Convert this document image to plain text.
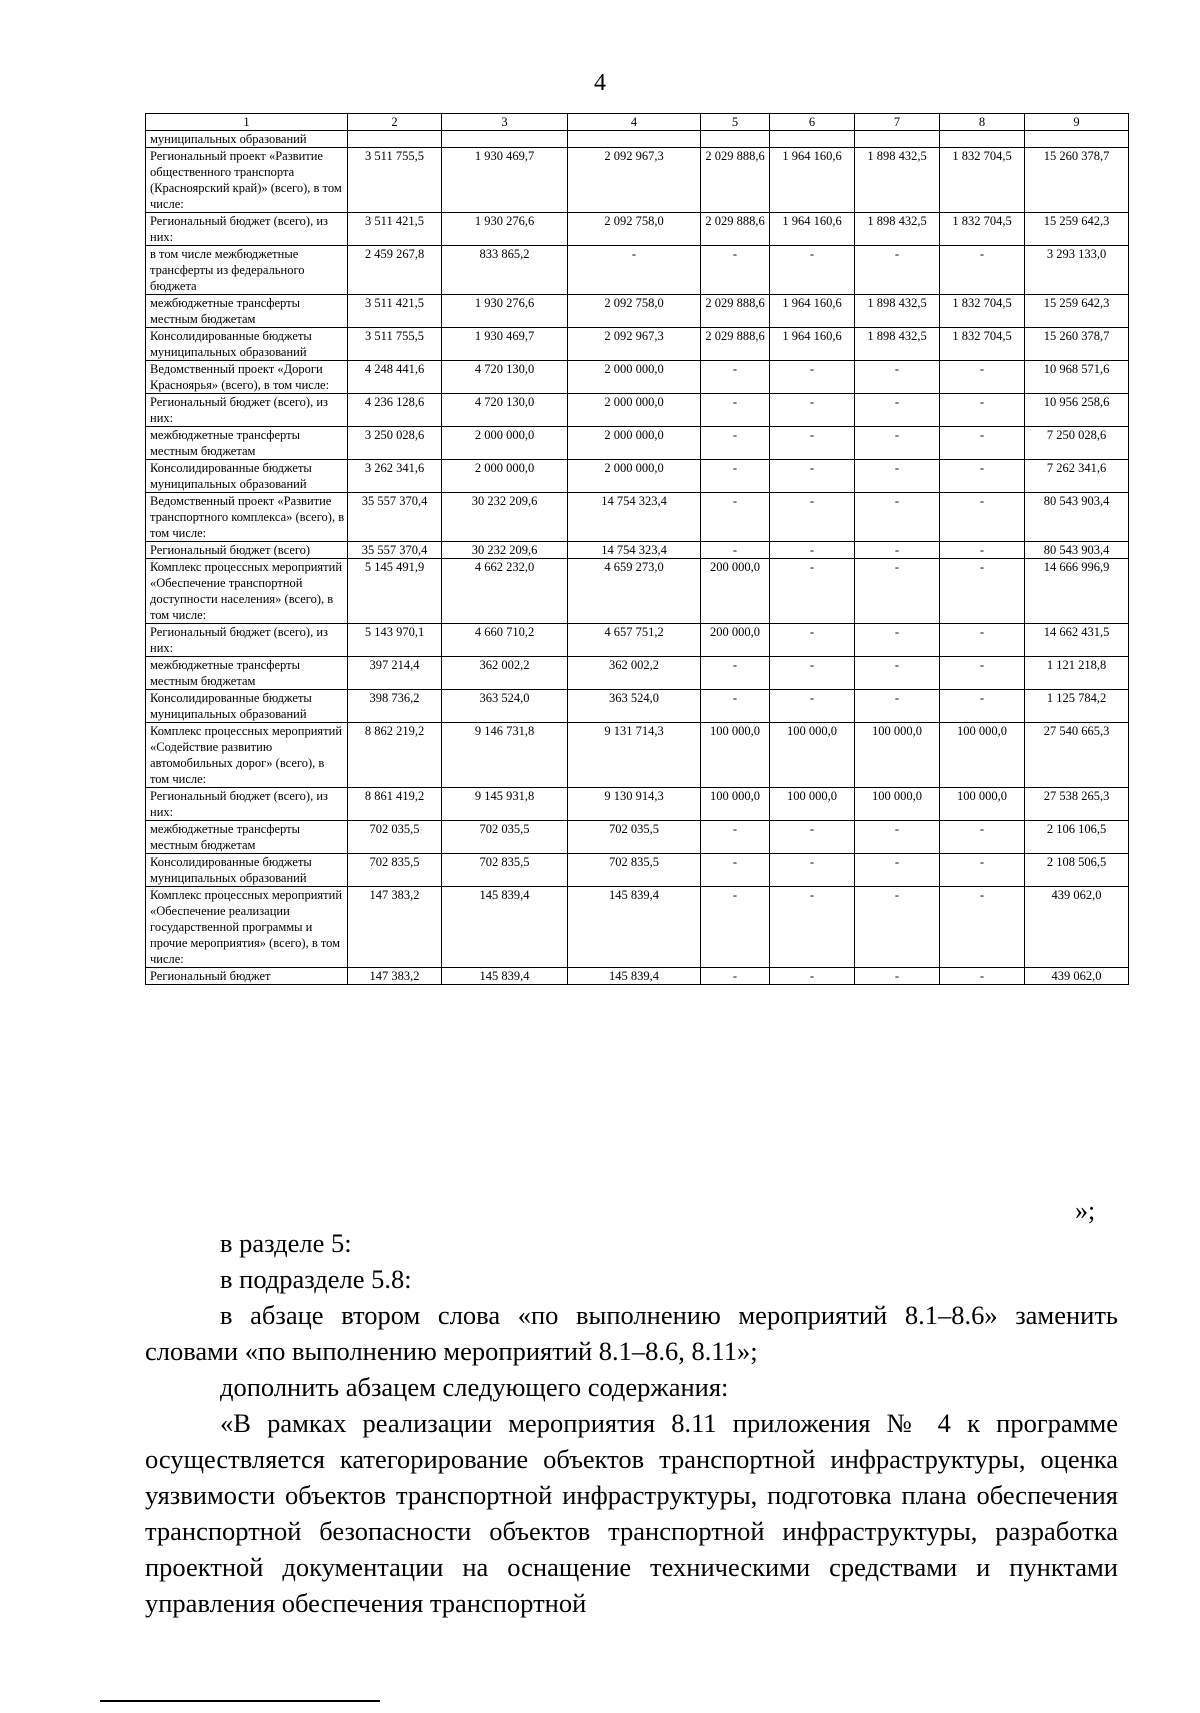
4
1	2	3	4	5	6	7	8	9
муниципальных образований								
Региональный проект «Развитие общественного транспорта (Красноярский край)» (всего), в том числе:	3 511 755,5	1 930 469,7	2 092 967,3	2 029 888,6	1 964 160,6	1 898 432,5	1 832 704,5	15 260 378,7
Региональный бюджет (всего), из них:	3 511 421,5	1 930 276,6	2 092 758,0	2 029 888,6	1 964 160,6	1 898 432,5	1 832 704,5	15 259 642,3
в том числе межбюджетные трансферты из федерального бюджета	2 459 267,8	833 865,2	-	-	-	-	-	3 293 133,0
межбюджетные трансферты местным бюджетам	3 511 421,5	1 930 276,6	2 092 758,0	2 029 888,6	1 964 160,6	1 898 432,5	1 832 704,5	15 259 642,3
Консолидированные бюджеты муниципальных образований	3 511 755,5	1 930 469,7	2 092 967,3	2 029 888,6	1 964 160,6	1 898 432,5	1 832 704,5	15 260 378,7
Ведомственный проект «Дороги Красноярья» (всего), в том числе:	4 248 441,6	4 720 130,0	2 000 000,0	-	-	-	-	10 968 571,6
Региональный бюджет (всего), из них:	4 236 128,6	4 720 130,0	2 000 000,0	-	-	-	-	10 956 258,6
межбюджетные трансферты местным бюджетам	3 250 028,6	2 000 000,0	2 000 000,0	-	-	-	-	7 250 028,6
Консолидированные бюджеты муниципальных образований	3 262 341,6	2 000 000,0	2 000 000,0	-	-	-	-	7 262 341,6
Ведомственный проект «Развитие транспортного комплекса» (всего), в том числе:	35 557 370,4	30 232 209,6	14 754 323,4	-	-	-	-	80 543 903,4
Региональный бюджет (всего)	35 557 370,4	30 232 209,6	14 754 323,4	-	-	-	-	80 543 903,4
Комплекс процессных мероприятий «Обеспечение транспортной доступности населения» (всего), в том числе:	5 145 491,9	4 662 232,0	4 659 273,0	200 000,0	-	-	-	14 666 996,9
Региональный бюджет (всего), из них:	5 143 970,1	4 660 710,2	4 657 751,2	200 000,0	-	-	-	14 662 431,5
межбюджетные трансферты местным бюджетам	397 214,4	362 002,2	362 002,2	-	-	-	-	1 121 218,8
Консолидированные бюджеты муниципальных образований	398 736,2	363 524,0	363 524,0	-	-	-	-	1 125 784,2
Комплекс процессных мероприятий «Содействие развитию автомобильных дорог» (всего), в том числе:	8 862 219,2	9 146 731,8	9 131 714,3	100 000,0	100 000,0	100 000,0	100 000,0	27 540 665,3
Региональный бюджет (всего), из них:	8 861 419,2	9 145 931,8	9 130 914,3	100 000,0	100 000,0	100 000,0	100 000,0	27 538 265,3
межбюджетные трансферты местным бюджетам	702 035,5	702 035,5	702 035,5	-	-	-	-	2 106 106,5
Консолидированные бюджеты муниципальных образований	702 835,5	702 835,5	702 835,5	-	-	-	-	2 108 506,5
Комплекс процессных мероприятий «Обеспечение реализации государственной программы и прочие мероприятия» (всего), в том числе:	147 383,2	145 839,4	145 839,4	-	-	-	-	439 062,0
Региональный бюджет	147 383,2	145 839,4	145 839,4	-	-	-	-	439 062,0
»;

в разделе 5:

в подразделе 5.8:

в абзаце втором слова «по выполнению мероприятий 8.1–8.6» заменить словами «по выполнению мероприятий 8.1–8.6, 8.11»;

дополнить абзацем следующего содержания:

«В рамках реализации мероприятия 8.11 приложения № 4 к программе осуществляется категорирование объектов транспортной инфраструктуры, оценка уязвимости объектов транспортной инфраструктуры, подготовка плана обеспечения транспортной безопасности объектов транспортной инфраструктуры, разработка проектной документации на оснащение техническими средствами и пунктами управления обеспечения транспортной
